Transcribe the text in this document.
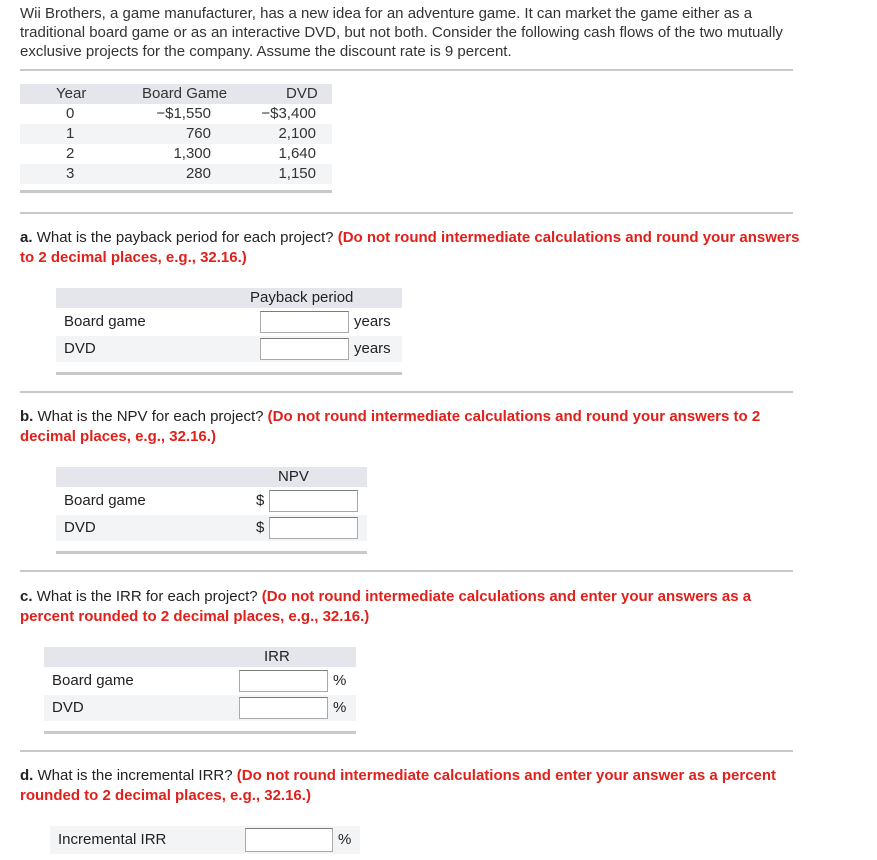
Wii Brothers, a game manufacturer, has a new idea for an adventure game. It can market the game either as a traditional board game or as an interactive DVD, but not both. Consider the following cash flows of the two mutually exclusive projects for the company. Assume the discount rate is 9 percent.
Year	Board Game	DVD
0	−$1,550	−$3,400
1	760	2,100
2	1,300	1,640
3	280	1,150
a. What is the payback period for each project? (Do not round intermediate calculations and round your answers to 2 decimal places, e.g., 32.16.)
Payback period
Board game	years
DVD	years
b. What is the NPV for each project? (Do not round intermediate calculations and round your answers to 2 decimal places, e.g., 32.16.)
NPV
Board game	$
DVD	$
c. What is the IRR for each project? (Do not round intermediate calculations and enter your answers as a percent rounded to 2 decimal places, e.g., 32.16.)
IRR
Board game	%
DVD	%
d. What is the incremental IRR? (Do not round intermediate calculations and enter your answer as a percent rounded to 2 decimal places, e.g., 32.16.)
Incremental IRR	%
